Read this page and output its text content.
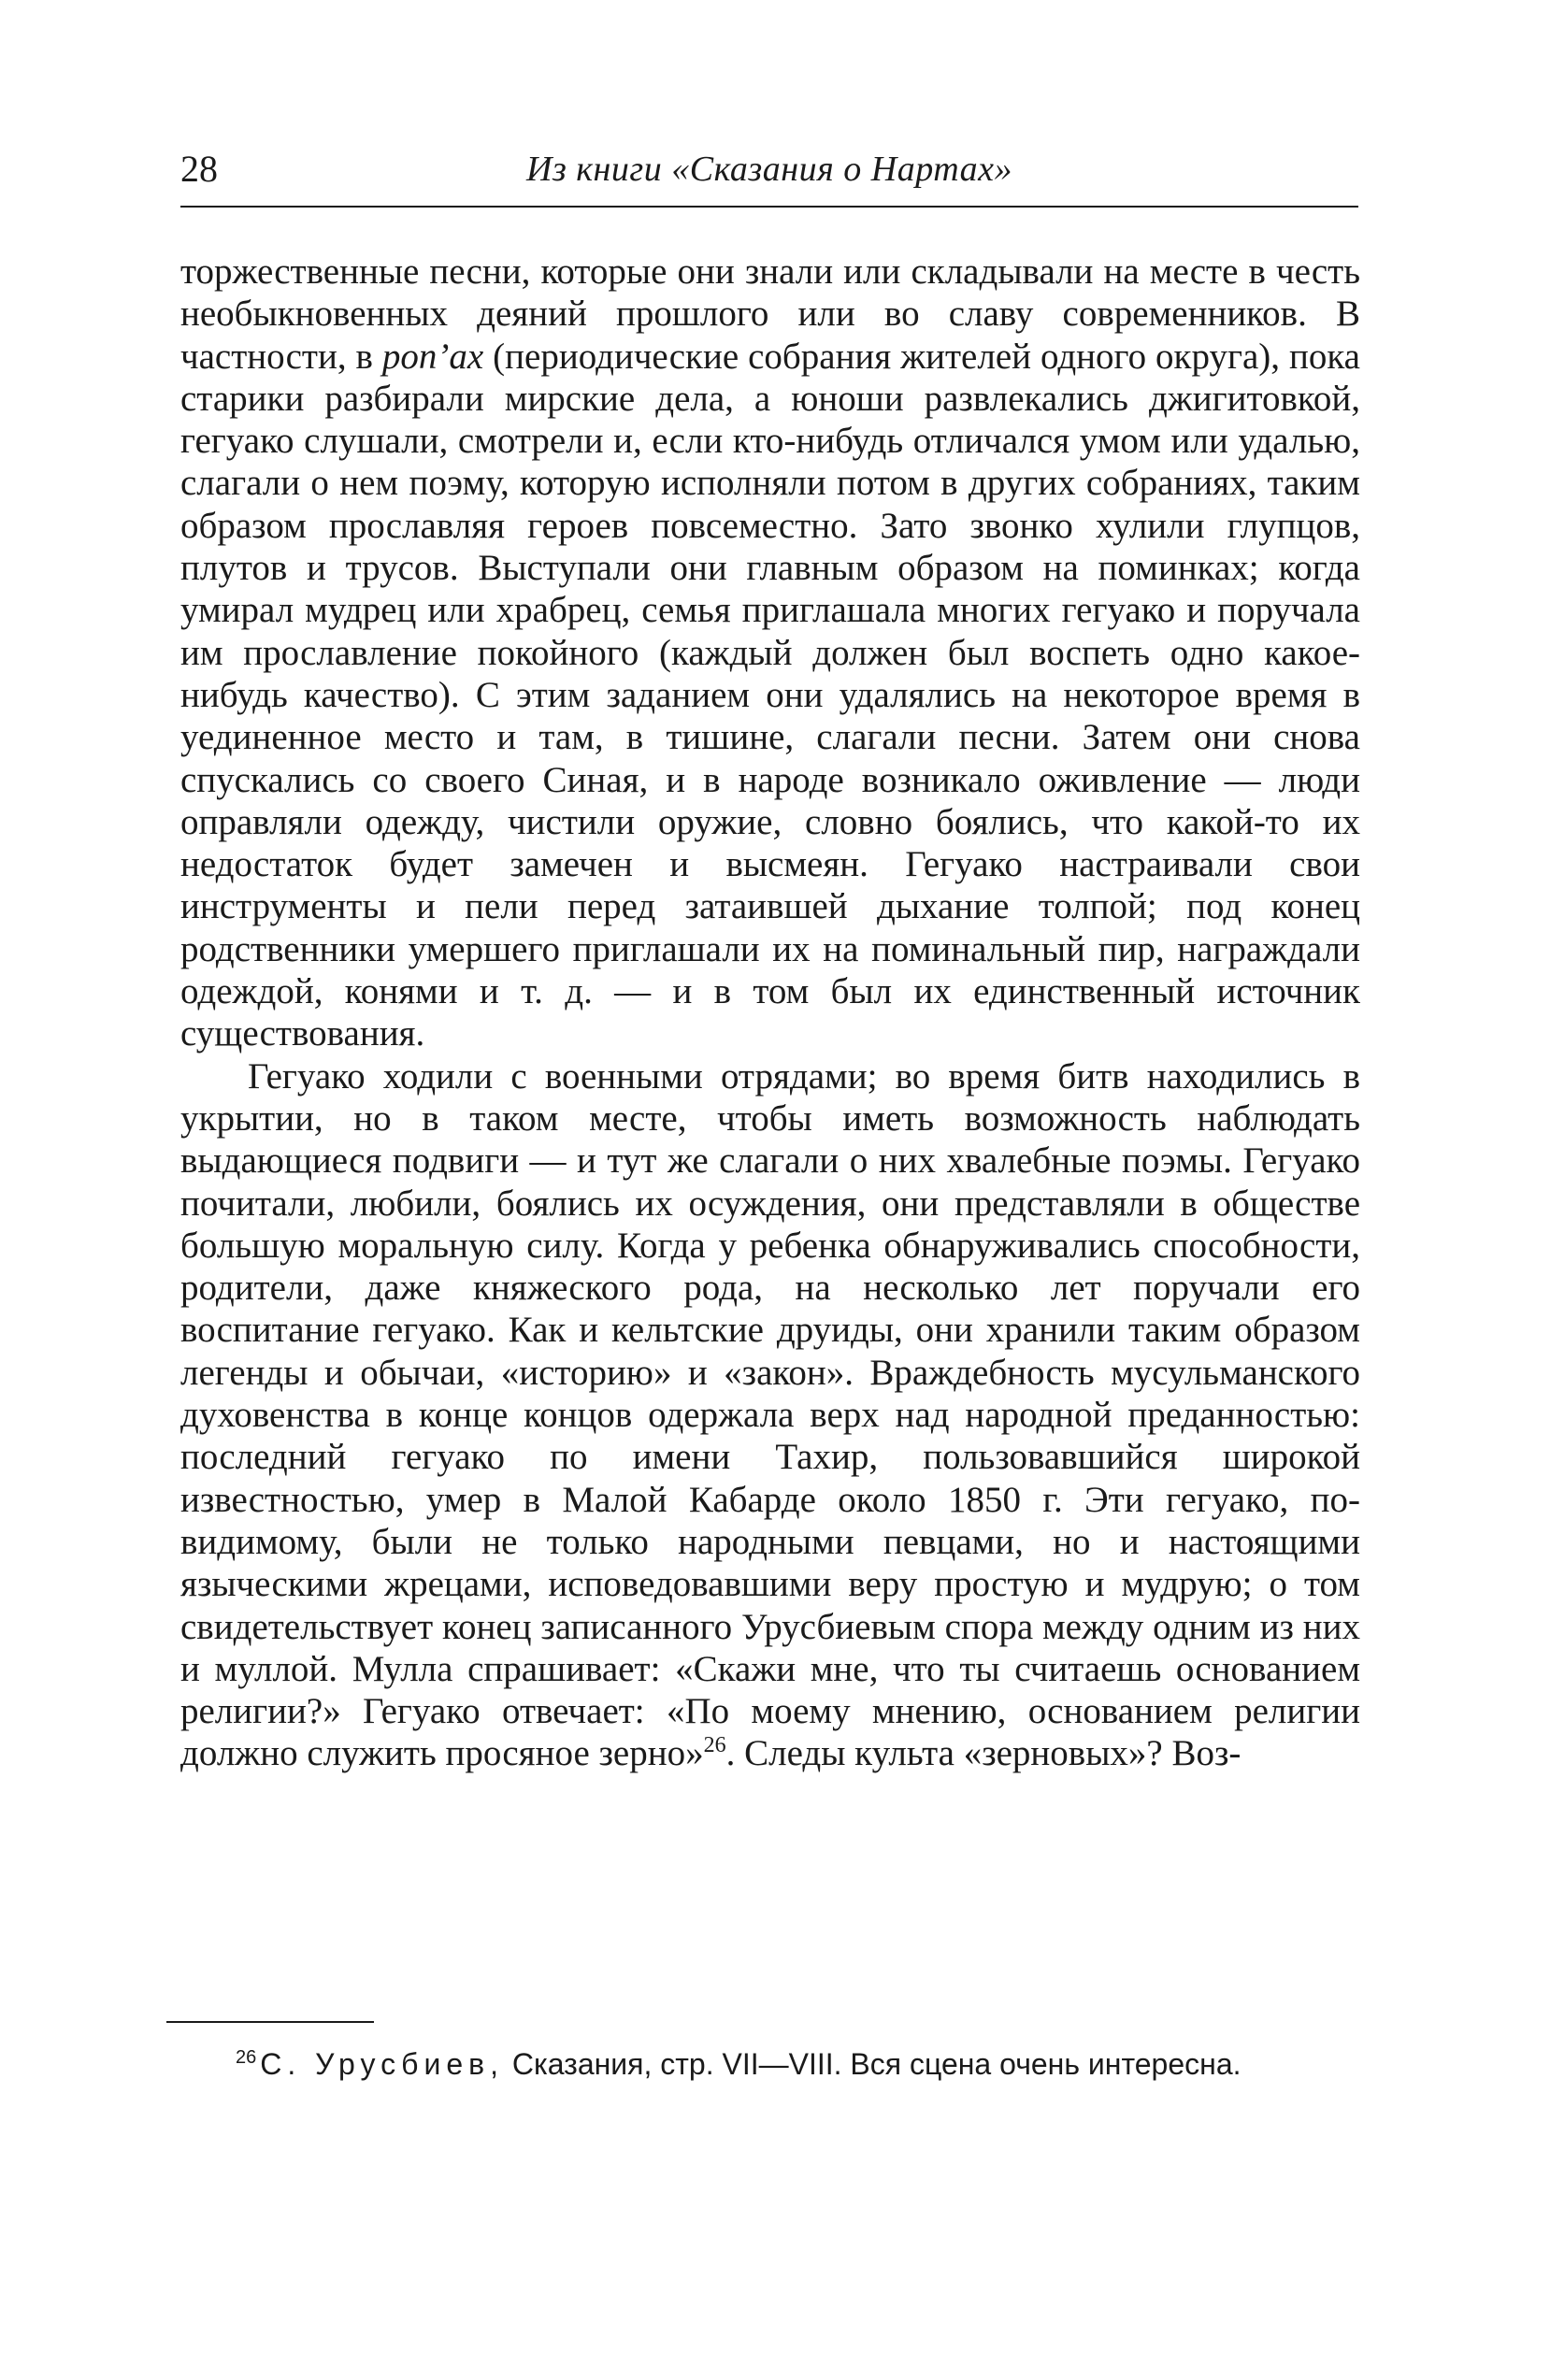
28	Из книги «Сказания о Нартах»

торжественные песни, которые они знали или складывали на месте в честь необыкновенных деяний прошлого или во славу современников. В частности, в роп’ах (периодические собрания жителей одного округа), пока старики разбирали мирские дела, а юноши развлекались джигитовкой, гегуако слушали, смотрели и, если кто-нибудь отличался умом или удалью, слагали о нем поэму, которую исполняли потом в других собраниях, таким образом прославляя героев повсеместно. Зато звонко хулили глупцов, плутов и трусов. Выступали они главным образом на поминках; когда умирал мудрец или храбрец, семья приглашала многих гегуако и поручала им прославление покойного (каждый должен был воспеть одно какое-нибудь качество). С этим заданием они удалялись на некоторое время в уединенное место и там, в тишине, слагали песни. Затем они снова спускались со своего Синая, и в народе возникало оживление — люди оправляли одежду, чистили оружие, словно боялись, что какой-то их недостаток будет замечен и высмеян. Гегуако настраивали свои инструменты и пели перед затаившей дыхание толпой; под конец родственники умершего приглашали их на поминальный пир, награждали одеждой, конями и т. д. — и в том был их единственный источник существования.

Гегуако ходили с военными отрядами; во время битв находились в укрытии, но в таком месте, чтобы иметь возможность наблюдать выдающиеся подвиги — и тут же слагали о них хвалебные поэмы. Гегуако почитали, любили, боялись их осуждения, они представляли в обществе большую моральную силу. Когда у ребенка обнаруживались способности, родители, даже княжеского рода, на несколько лет поручали его воспитание гегуако. Как и кельтские друиды, они хранили таким образом легенды и обычаи, «историю» и «закон». Враждебность мусульманского духовенства в конце концов одержала верх над народной преданностью: последний гегуако по имени Тахир, пользовавшийся широкой известностью, умер в Малой Кабарде около 1850 г. Эти гегуако, по-видимому, были не только народными певцами, но и настоящими языческими жрецами, исповедовавшими веру простую и мудрую; о том свидетельствует конец записанного Урусбиевым спора между одним из них и муллой. Мулла спрашивает: «Скажи мне, что ты считаешь основанием религии?» Гегуако отвечает: «По моему мнению, основанием религии должно служить просяное зерно»$^{26}$. Следы культа «зерновых»? Воз-

$^{26}$ С. Урусбиев, Сказания, стр. VII—VIII. Вся сцена очень интересна.
